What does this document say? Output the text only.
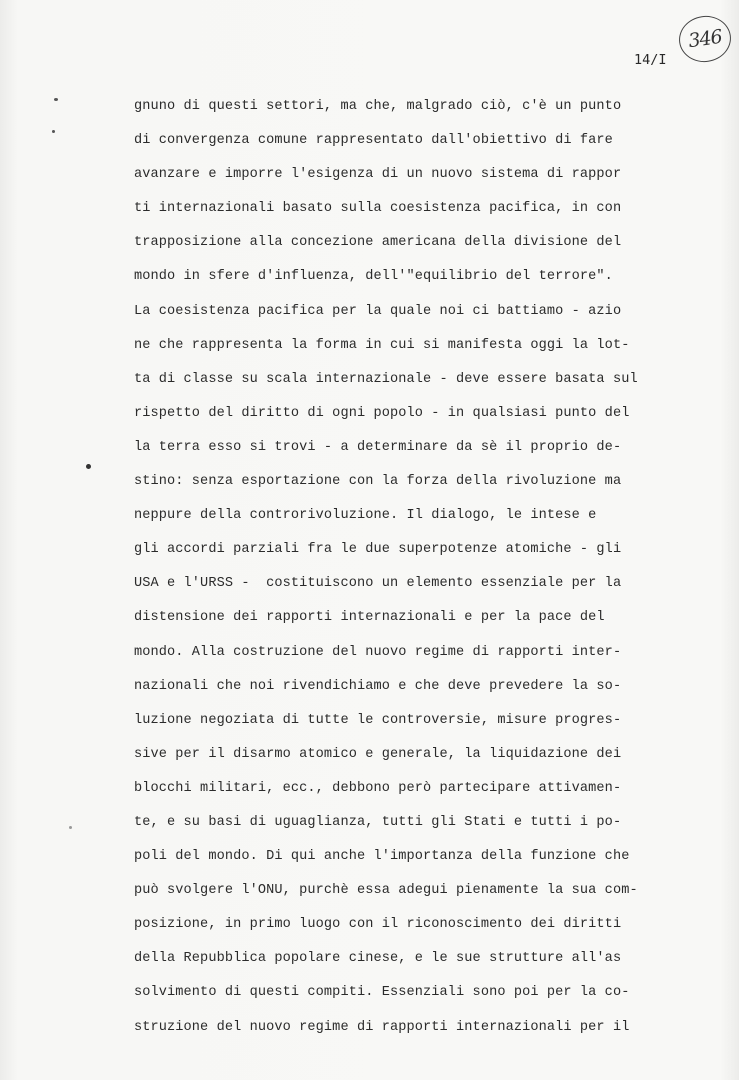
346
14/I
gnuno di questi settori, ma che, malgrado ciò, c'è un punto
di convergenza comune rappresentato dall'obiettivo di fare
avanzare e imporre l'esigenza di un nuovo sistema di rappor
ti internazionali basato sulla coesistenza pacifica, in con
trapposizione alla concezione americana della divisione del
mondo in sfere d'influenza, dell'"equilibrio del terrore".
La coesistenza pacifica per la quale noi ci battiamo - azio
ne che rappresenta la forma in cui si manifesta oggi la lot-
ta di classe su scala internazionale - deve essere basata sul
rispetto del diritto di ogni popolo - in qualsiasi punto del
la terra esso si trovi - a determinare da sè il proprio de-
stino: senza esportazione con la forza della rivoluzione ma
neppure della controrivoluzione. Il dialogo, le intese e
gli accordi parziali fra le due superpotenze atomiche - gli
USA e l'URSS -  costituiscono un elemento essenziale per la
distensione dei rapporti internazionali e per la pace del
mondo. Alla costruzione del nuovo regime di rapporti inter-
nazionali che noi rivendichiamo e che deve prevedere la so-
luzione negoziata di tutte le controversie, misure progres-
sive per il disarmo atomico e generale, la liquidazione dei
blocchi militari, ecc., debbono però partecipare attivamen-
te, e su basi di uguaglianza, tutti gli Stati e tutti i po-
poli del mondo. Di qui anche l'importanza della funzione che
può svolgere l'ONU, purchè essa adegui pienamente la sua com-
posizione, in primo luogo con il riconoscimento dei diritti
della Repubblica popolare cinese, e le sue strutture all'as
solvimento di questi compiti. Essenziali sono poi per la co-
struzione del nuovo regime di rapporti internazionali per il
